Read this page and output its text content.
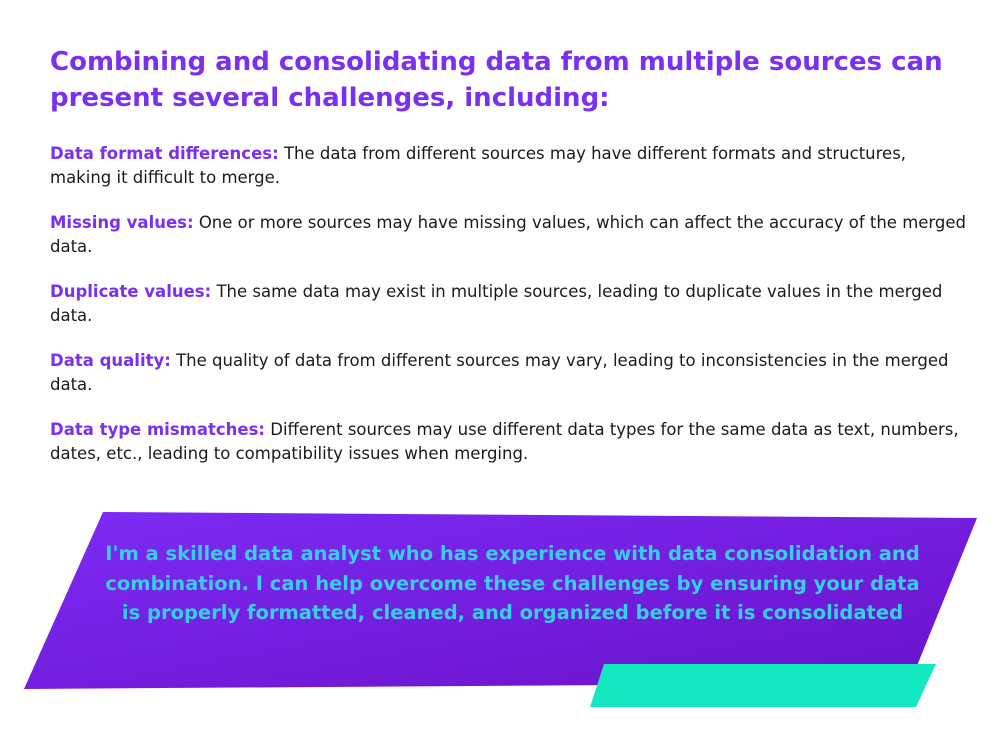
Combining and consolidating data from multiple sources can present several challenges, including:
Data format differences: The data from different sources may have different formats and structures, making it difficult to merge.
Missing values: One or more sources may have missing values, which can affect the accuracy of the merged data.
Duplicate values: The same data may exist in multiple sources, leading to duplicate values in the merged data.
Data quality: The quality of data from different sources may vary, leading to inconsistencies in the merged data.
Data type mismatches: Different sources may use different data types for the same data as text, numbers, dates, etc., leading to compatibility issues when merging.

I'm a skilled data analyst who has experience with data consolidation and combination. I can help overcome these challenges by ensuring your data is properly formatted, cleaned, and organized before it is consolidated
